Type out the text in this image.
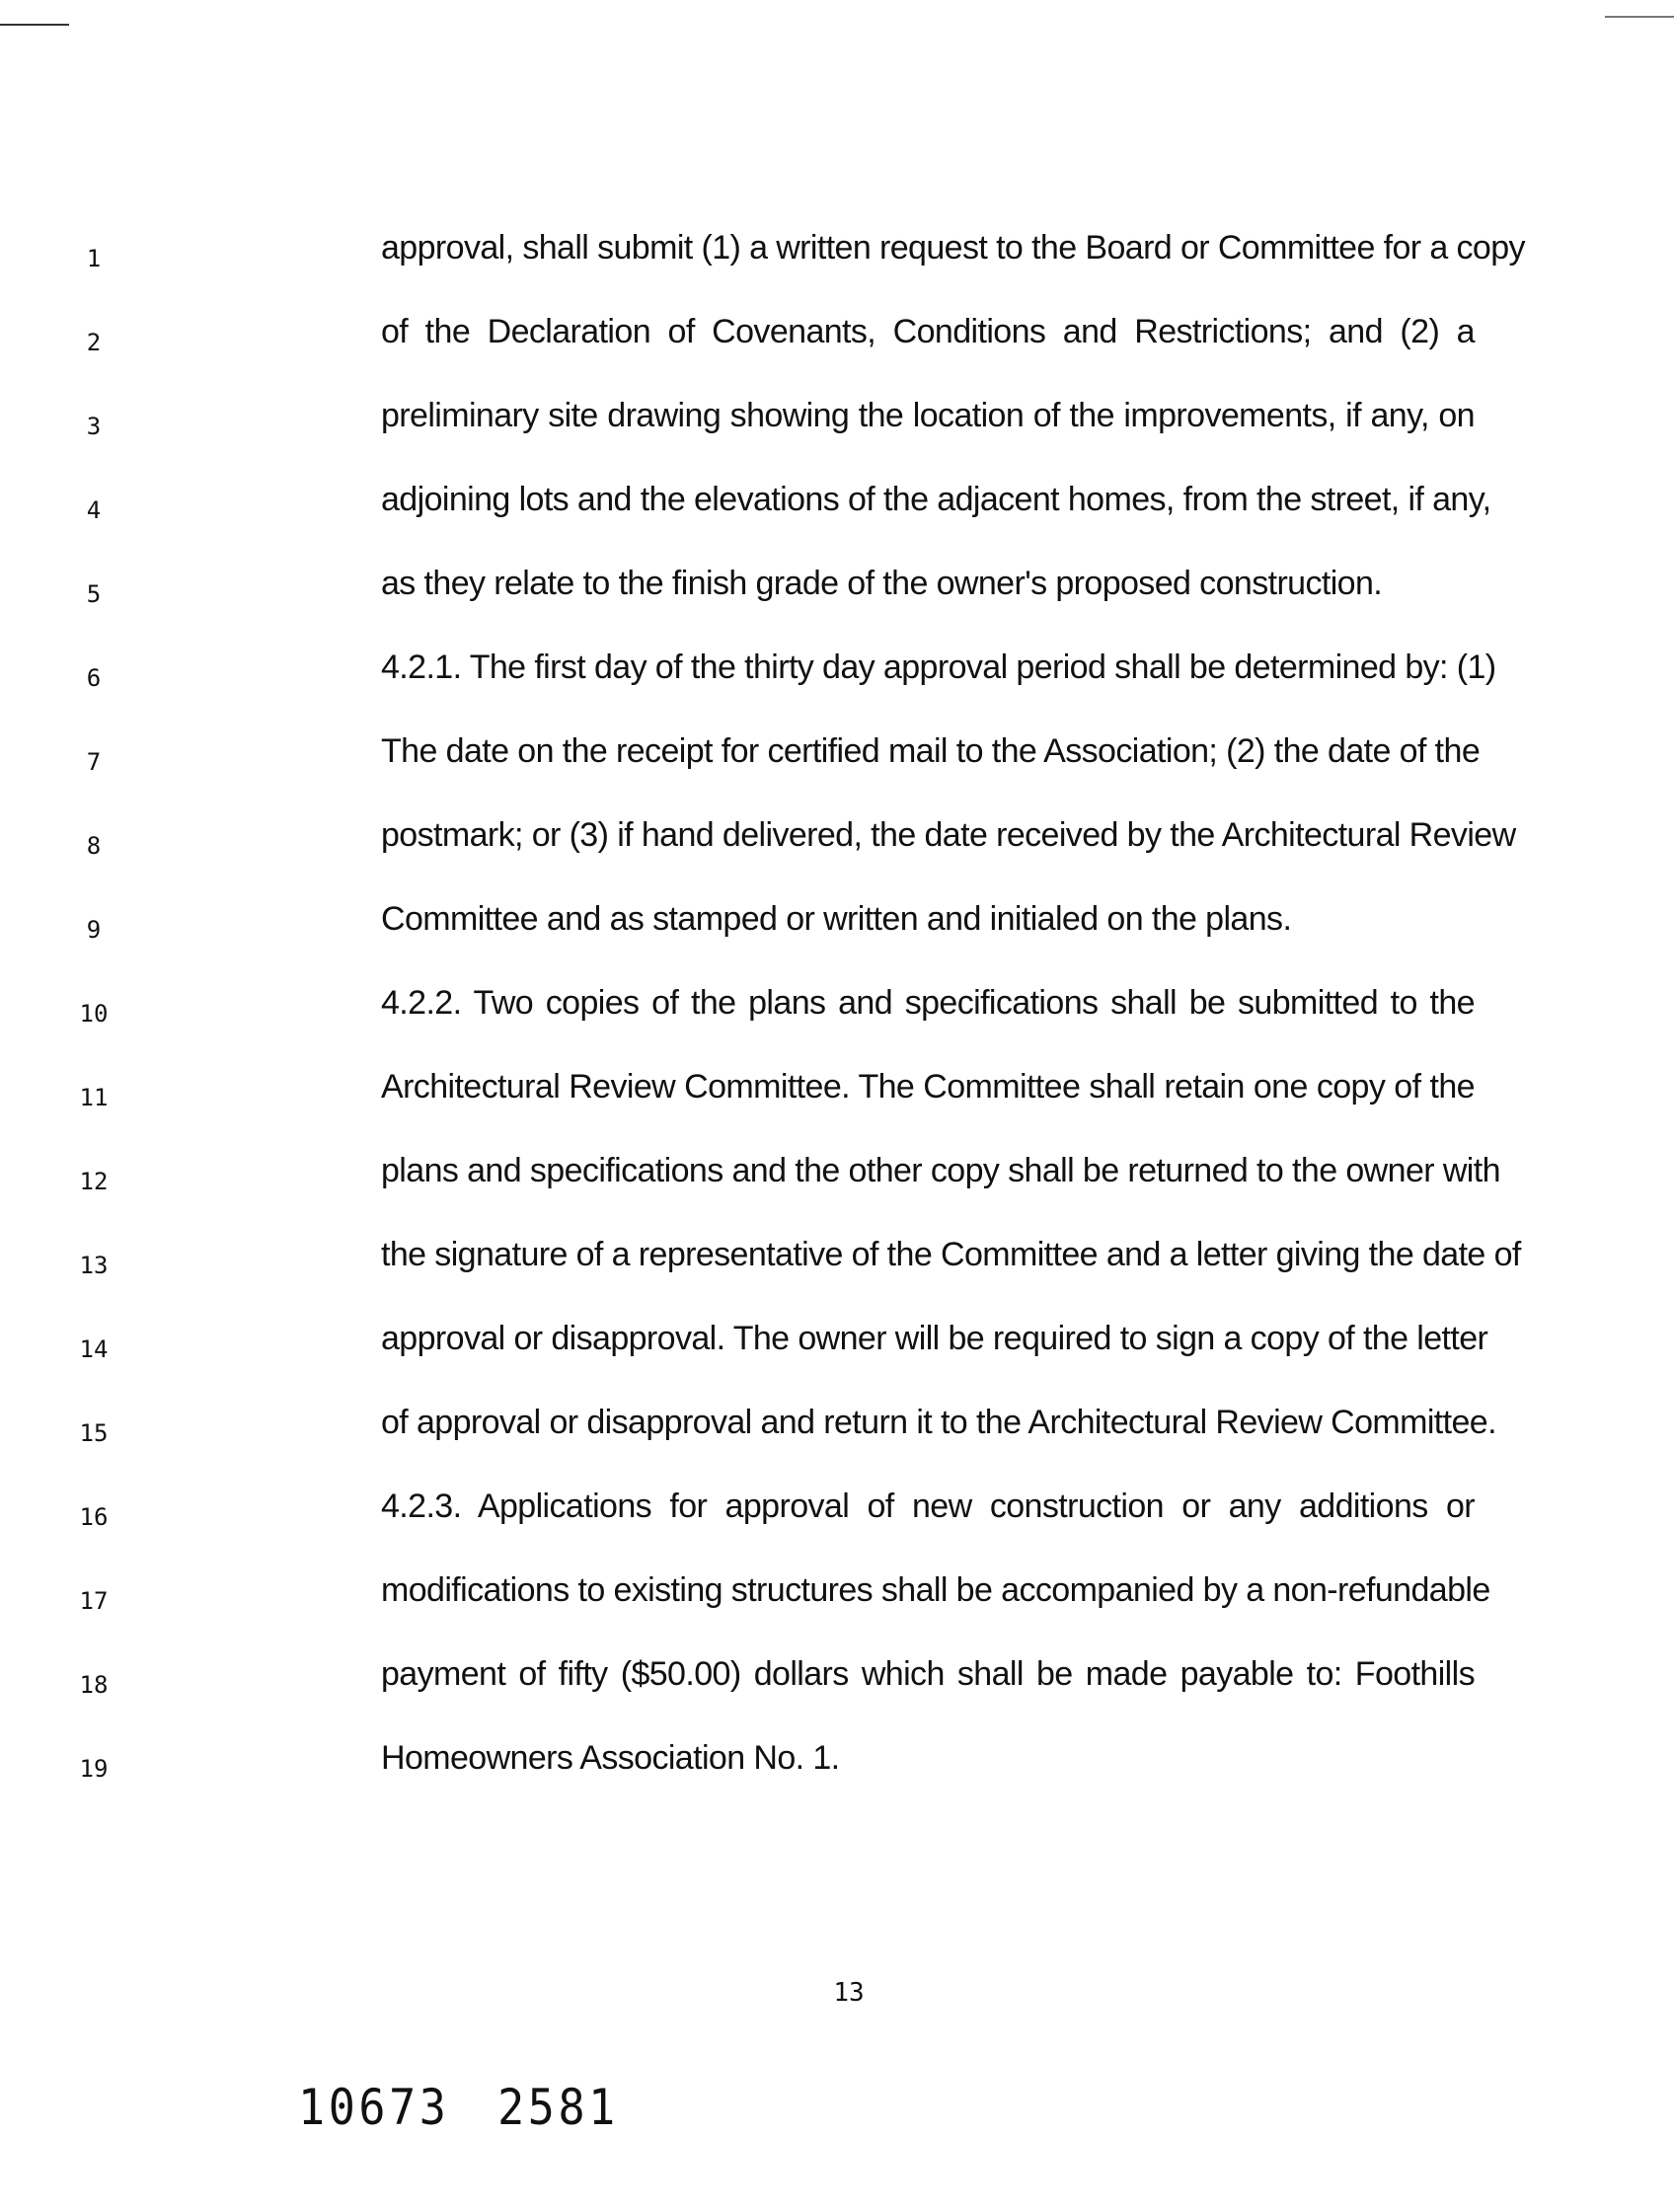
1
2
3
4
5
6
7
8
9
10
11
12
13
14
15
16
17
18
19
approval, shall submit (1) a written request to the Board or Committee for a copy
of the Declaration of Covenants, Conditions and Restrictions; and (2) a
preliminary site drawing showing the location of the improvements, if any, on
adjoining lots and the elevations of the adjacent homes, from the street, if any,
as they relate to the finish grade of the owner's proposed construction.
4.2.1. The first day of the thirty day approval period shall be determined by: (1)
The date on the receipt for certified mail to the Association; (2) the date of the
postmark; or (3) if hand delivered, the date received by the Architectural Review
Committee and as stamped or written and initialed on the plans.
4.2.2. Two copies of the plans and specifications shall be submitted to the
Architectural Review Committee. The Committee shall retain one copy of the
plans and specifications and the other copy shall be returned to the owner with
the signature of a representative of the Committee and a letter giving the date of
approval or disapproval. The owner will be required to sign a copy of the letter
of approval or disapproval and return it to the Architectural Review Committee.
4.2.3. Applications for approval of new construction or any additions or
modifications to existing structures shall be accompanied by a non-refundable
payment of fifty ($50.00) dollars which shall be made payable to: Foothills
Homeowners Association No. 1.
13
10673 2581
